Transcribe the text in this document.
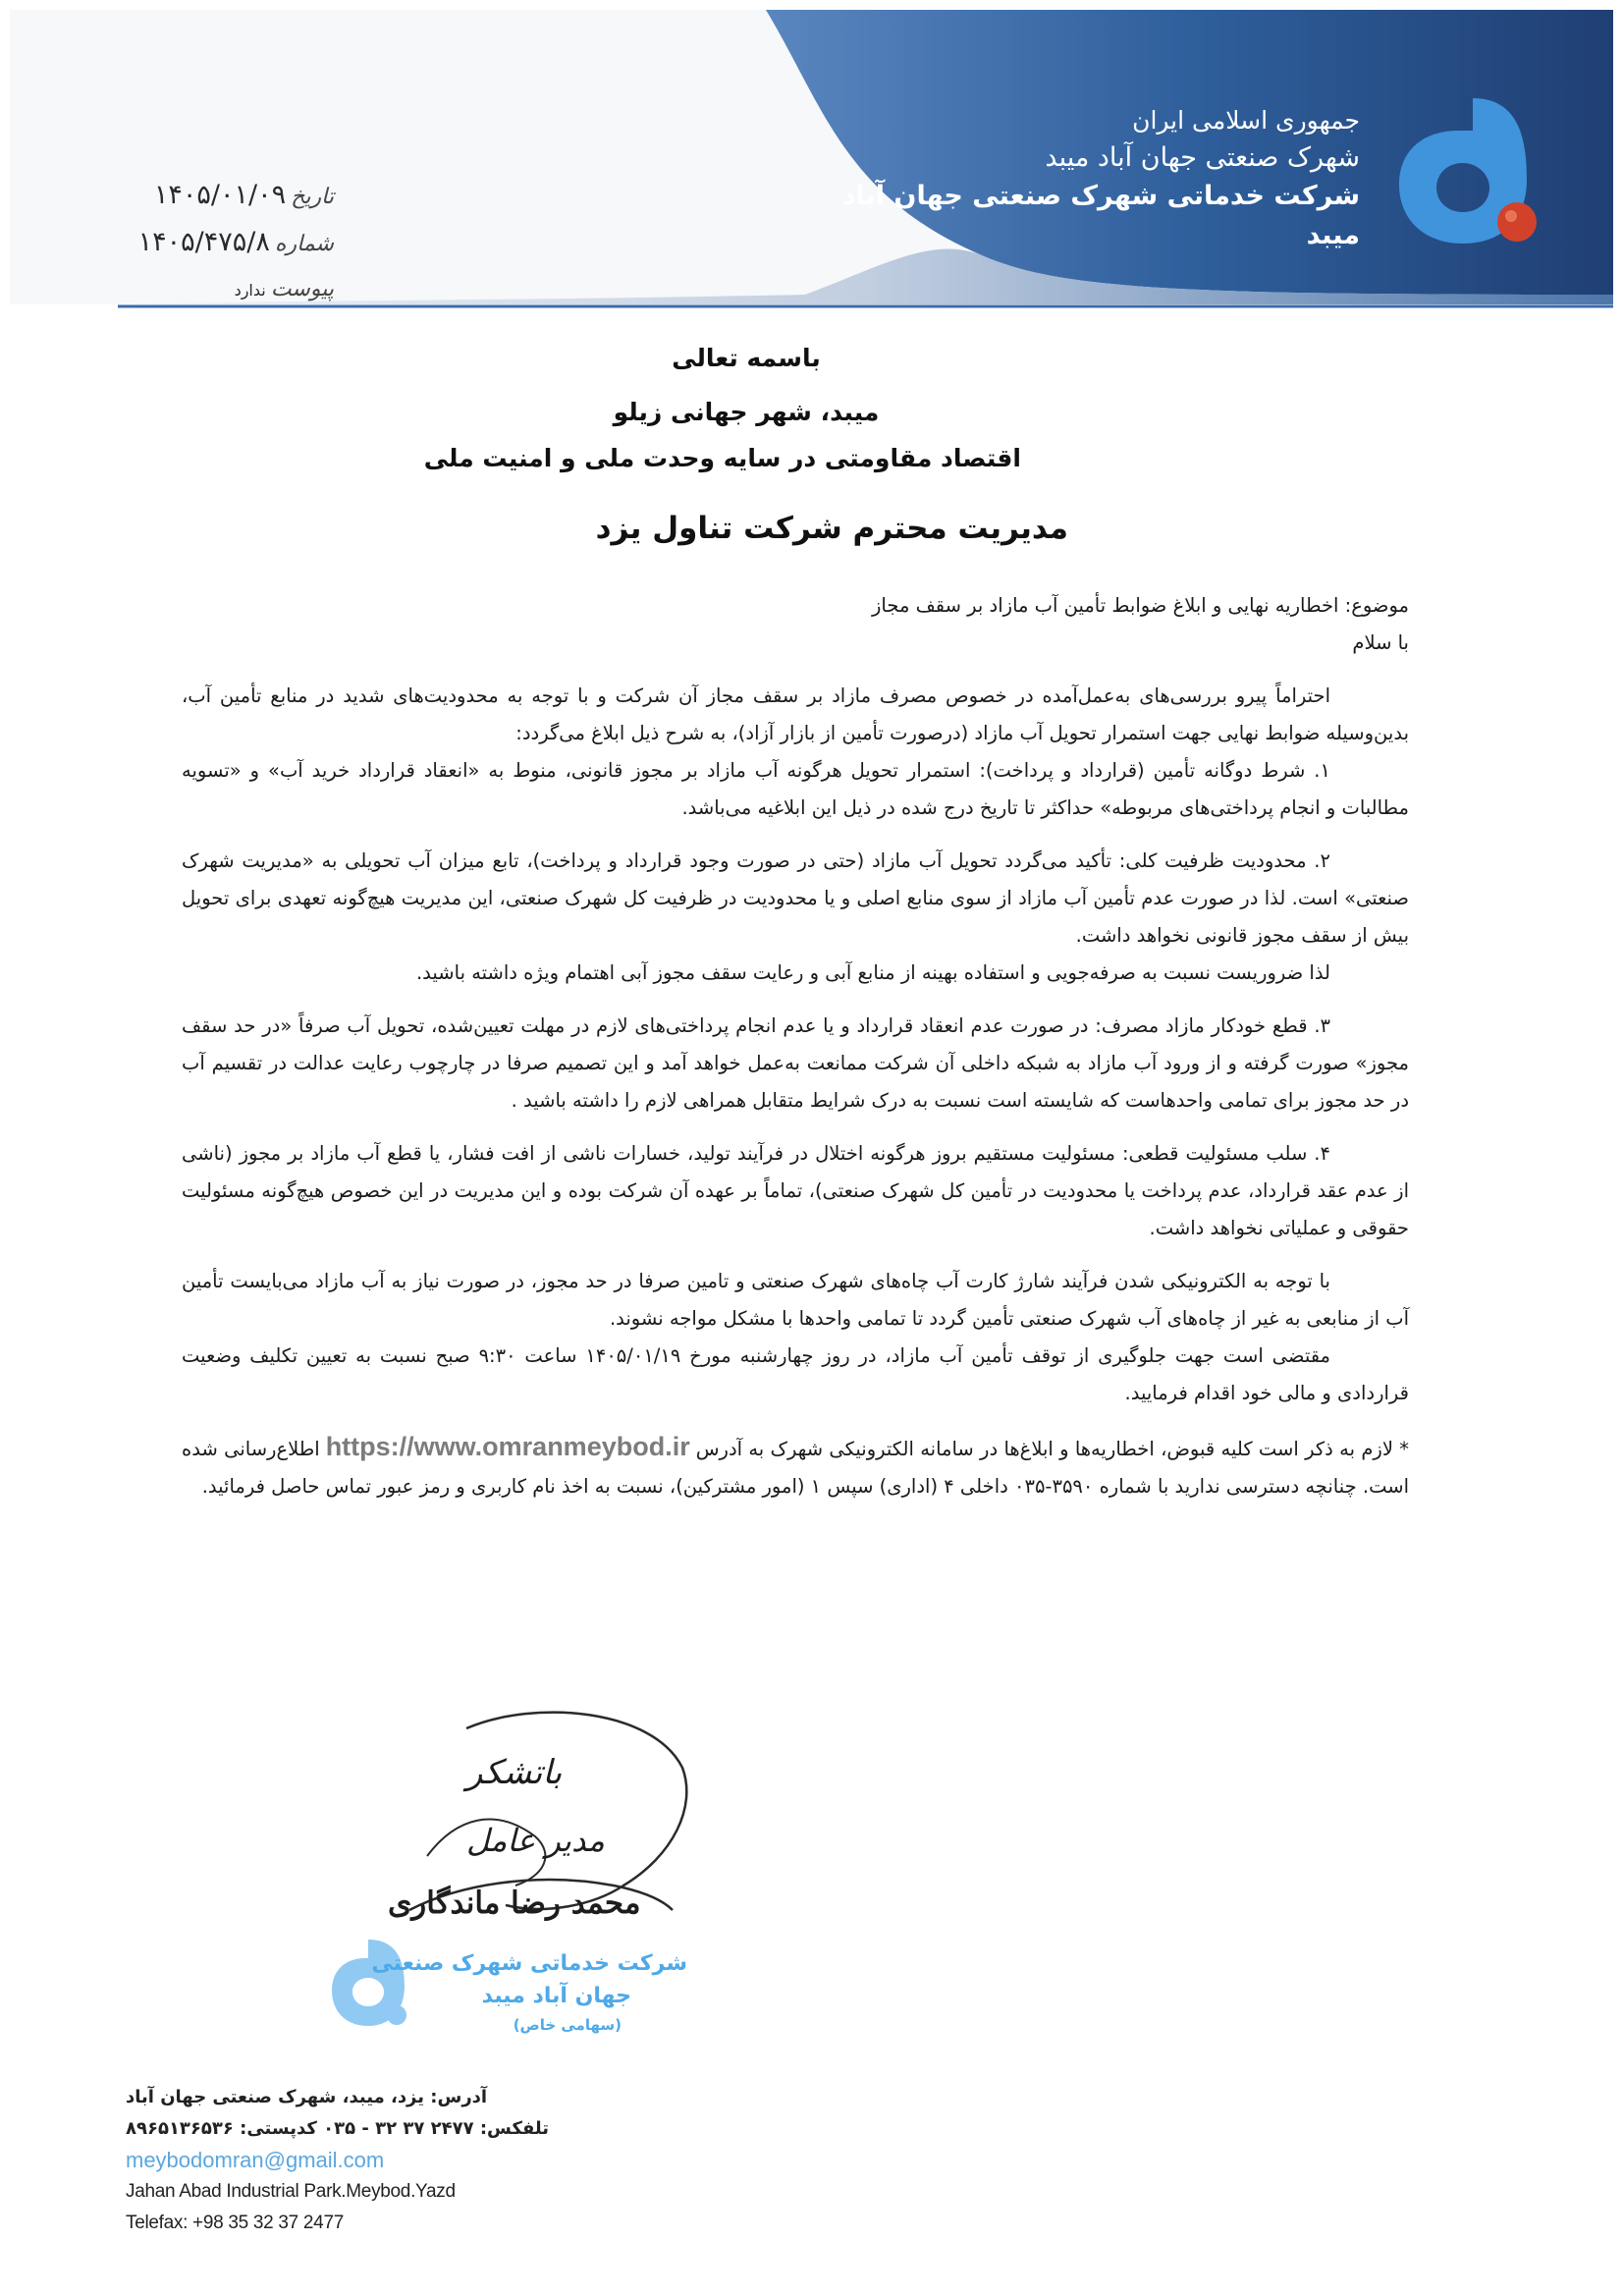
جمهوری اسلامی ایران
شهرک صنعتی جهان آباد میبد
شرکت خدماتی شهرک صنعتی جهان آباد میبد
تاریخ ۱۴۰۵/۰۱/۰۹
شماره ۱۴۰۵/۴۷۵/۸
پیوست ندارد
باسمه تعالی
میبد، شهر جهانی زیلو
اقتصاد مقاومتی در سایه وحدت ملی و امنیت ملی
مدیریت محترم شرکت تناول یزد

موضوع: اخطاریه نهایی و ابلاغ ضوابط تأمین آب مازاد بر سقف مجاز

با سلام

احتراماً پیرو بررسی‌های به‌عمل‌آمده در خصوص مصرف مازاد بر سقف مجاز آن شرکت و با توجه به محدودیت‌های شدید در منابع تأمین آب، بدین‌وسیله ضوابط نهایی جهت استمرار تحویل آب مازاد (درصورت تأمین از بازار آزاد)، به شرح ذیل ابلاغ می‌گردد:

۱. شرط دوگانه تأمین (قرارداد و پرداخت): استمرار تحویل هرگونه آب مازاد بر مجوز قانونی، منوط به «انعقاد قرارداد خرید آب» و «تسویه مطالبات و انجام پرداختی‌های مربوطه» حداکثر تا تاریخ درج شده در ذیل این ابلاغیه می‌باشد.

۲. محدودیت ظرفیت کلی: تأکید می‌گردد تحویل آب مازاد (حتی در صورت وجود قرارداد و پرداخت)، تابع میزان آب تحویلی به «مدیریت شهرک صنعتی» است. لذا در صورت عدم تأمین آب مازاد از سوی منابع اصلی و یا محدودیت در ظرفیت کل شهرک صنعتی، این مدیریت هیچ‌گونه تعهدی برای تحویل بیش از سقف مجوز قانونی نخواهد داشت.

لذا ضروریست نسبت به صرفه‌جویی و استفاده بهینه از منابع آبی و رعایت سقف مجوز آبی اهتمام ویژه داشته باشید.

۳. قطع خودکار مازاد مصرف: در صورت عدم انعقاد قرارداد و یا عدم انجام پرداختی‌های لازم در مهلت تعیین‌شده، تحویل آب صرفاً «در حد سقف مجوز» صورت گرفته و از ورود آب مازاد به شبکه داخلی آن شرکت ممانعت به‌عمل خواهد آمد و این تصمیم صرفا در چارچوب رعایت عدالت در تقسیم آب در حد مجوز برای تمامی واحدهاست که شایسته است نسبت به درک شرایط متقابل همراهی لازم را داشته باشید .

۴. سلب مسئولیت قطعی: مسئولیت مستقیم بروز هرگونه اختلال در فرآیند تولید، خسارات ناشی از افت فشار، یا قطع آب مازاد بر مجوز (ناشی از عدم عقد قرارداد، عدم پرداخت یا محدودیت در تأمین کل شهرک صنعتی)، تماماً بر عهده آن شرکت بوده و این مدیریت در این خصوص هیچ‌گونه مسئولیت حقوقی و عملیاتی نخواهد داشت.

با توجه به الکترونیکی شدن فرآیند شارژ کارت آب چاه‌های شهرک صنعتی و تامین صرفا در حد مجوز، در صورت نیاز به آب مازاد می‌بایست تأمین آب از منابعی به غیر از چاه‌های آب شهرک صنعتی تأمین گردد تا تمامی واحدها با مشکل مواجه نشوند.

مقتضی است جهت جلوگیری از توقف تأمین آب مازاد، در روز چهارشنبه مورخ ۱۴۰۵/۰۱/۱۹ ساعت ۹:۳۰ صبح نسبت به تعیین تکلیف وضعیت قراردادی و مالی خود اقدام فرمایید.

* لازم به ذکر است کلیه قبوض، اخطاریه‌ها و ابلاغ‌ها در سامانه الکترونیکی شهرک به آدرسhttps://www.omranmeybod.irاطلاع‌رسانی شده است. چنانچه دسترسی ندارید با شماره ۳۵۹۰-۰۳۵ داخلی ۴ (اداری) سپس ۱ (امور مشترکین)، نسبت به اخذ نام کاربری و رمز عبور تماس حاصل فرمائید.

باتشکر
مدیر عامل
محمد رضا ماندگاری
شرکت خدماتی شهرک صنعتی
جهان آباد میبد
(سهامی خاص)
آدرس: یزد، میبد، شهرک صنعتی جهان آباد
تلفکس: ۲۴۷۷ ۳۷ ۳۲ - ۰۳۵ کدپستی: ۸۹۶۵۱۳۶۵۳۶
meybodomran@gmail.com
Jahan Abad Industrial Park.Meybod.Yazd
Telefax: +98 35 32 37 2477
